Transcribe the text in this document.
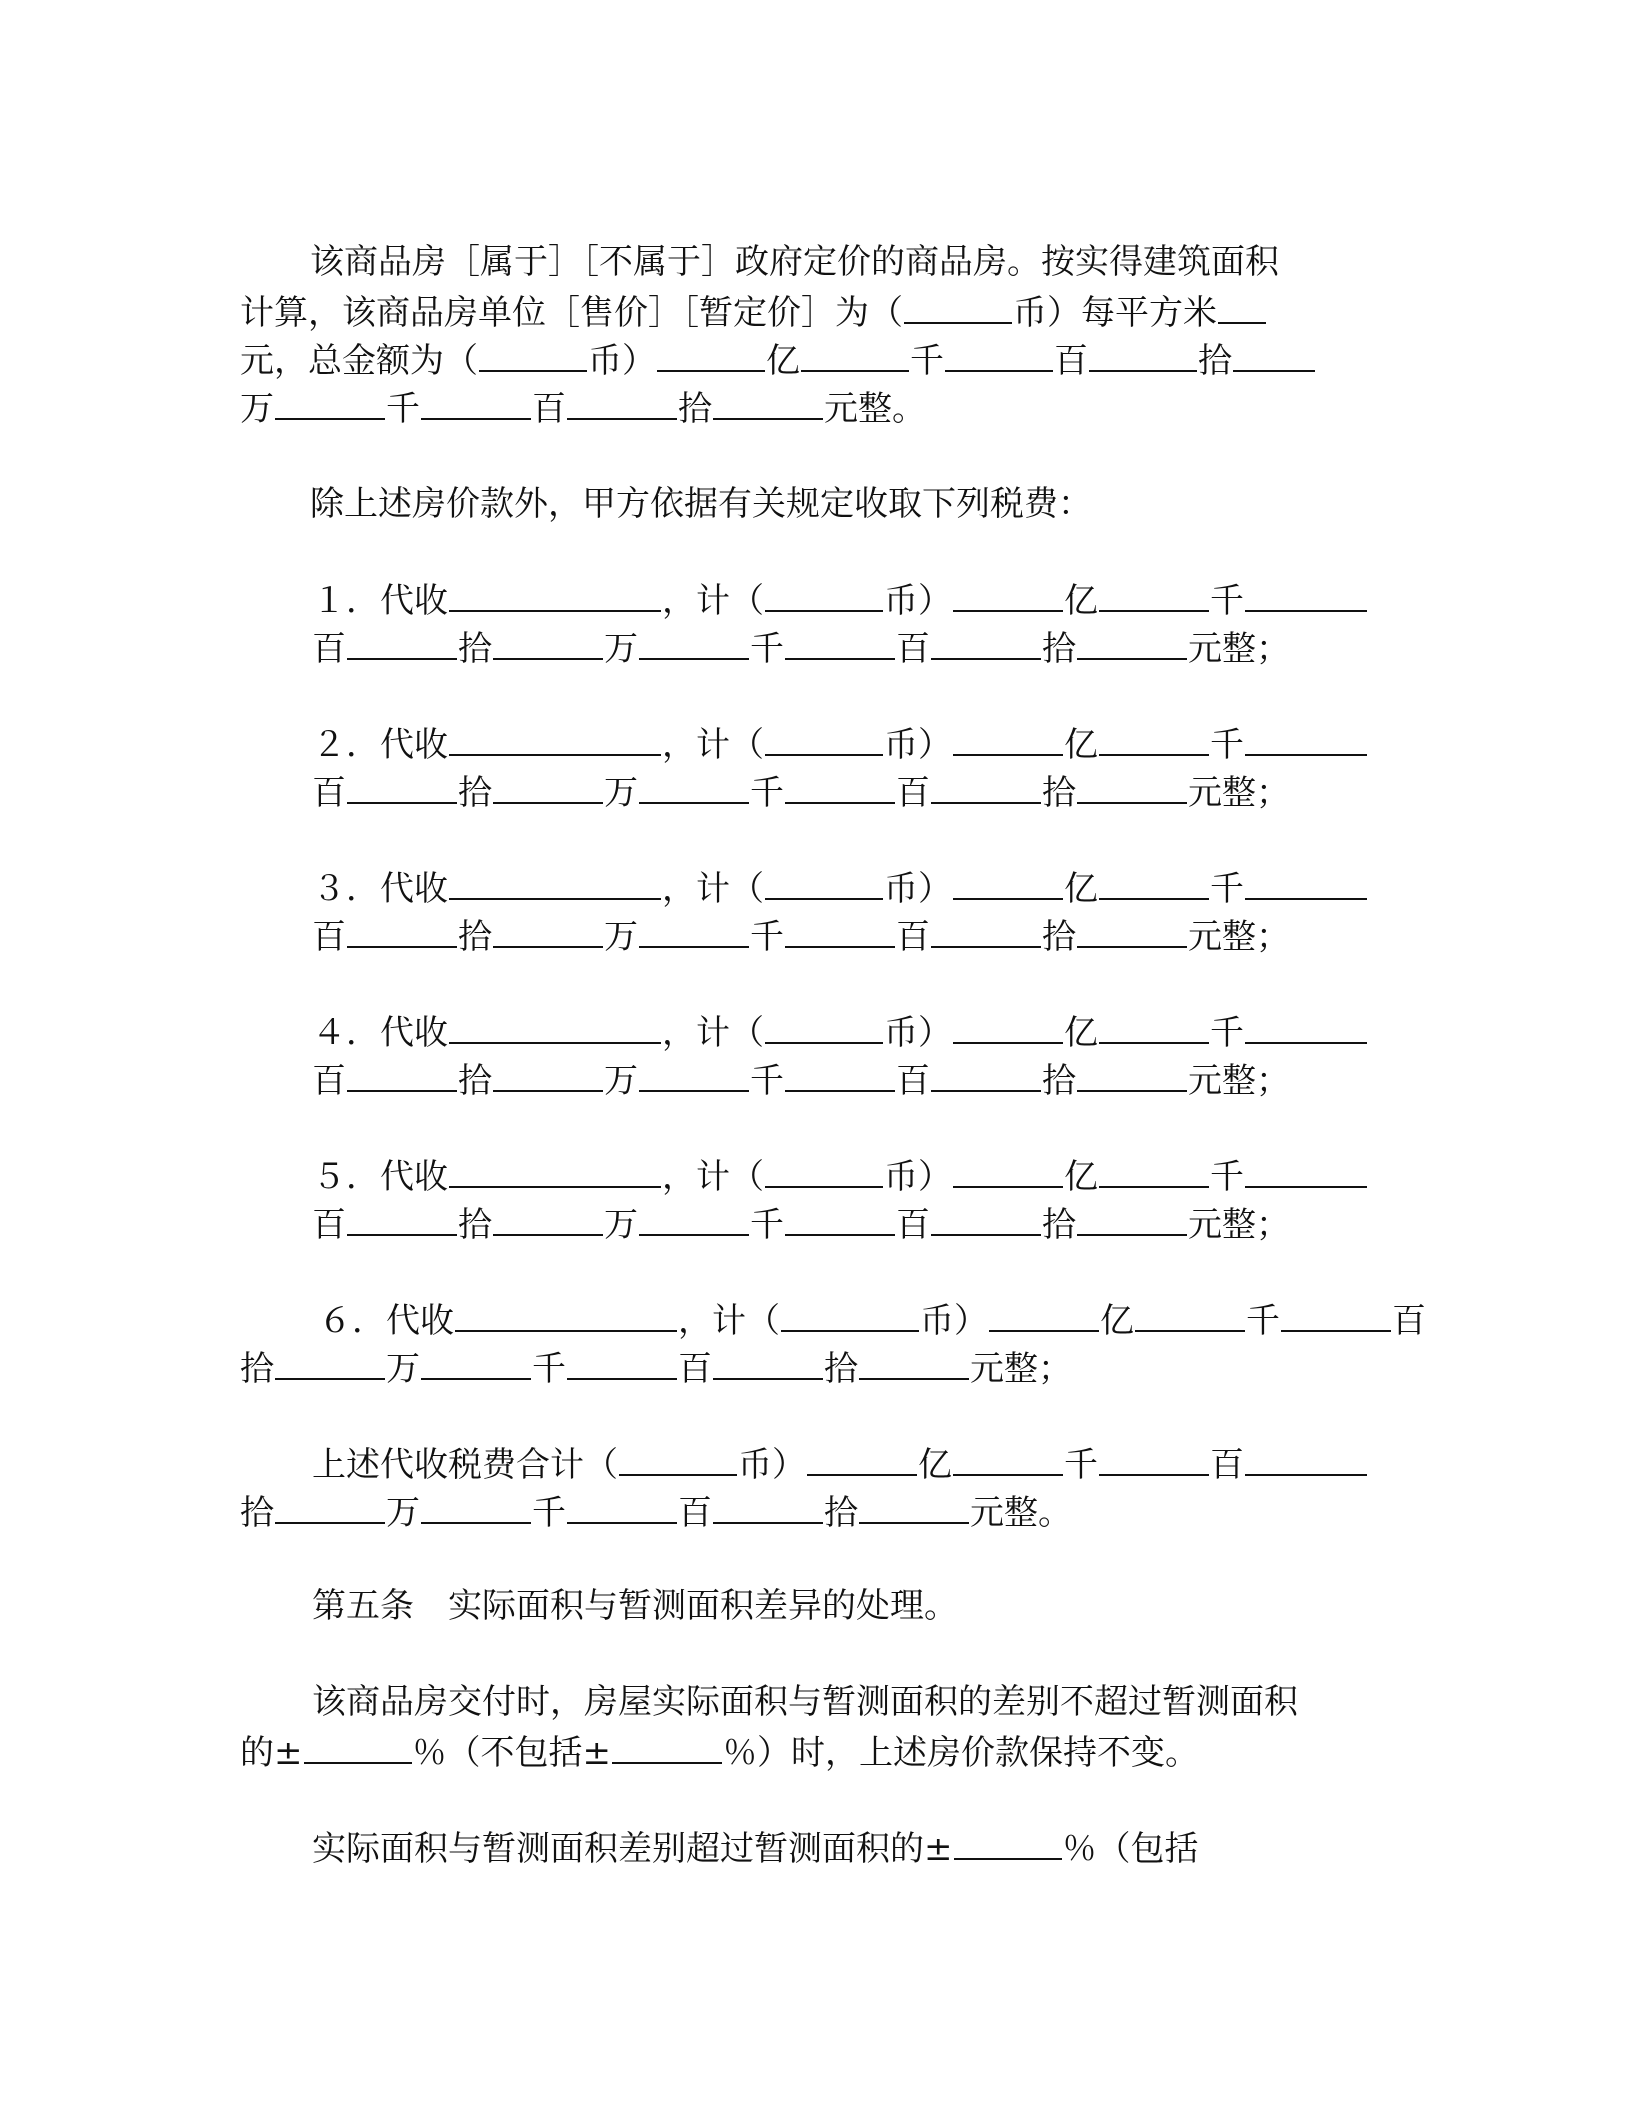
该商品房［属于］［不属于］政府定价的商品房。按实得建筑面积
计算，该商品房单位［售价］［暂定价］为（	币）每平方米
元，总金额为（	币）	亿	千	百	拾
万	千	百	拾	元整。
除上述房价款外，甲方依据有关规定收取下列税费：
１．代收	，计（	币）	亿	千
百	拾	万	千	百	拾	元整；
２．代收	，计（	币）	亿	千
百	拾	万	千	百	拾	元整；
３．代收	，计（	币）	亿	千
百	拾	万	千	百	拾	元整；
４．代收	，计（	币）	亿	千
百	拾	万	千	百	拾	元整；
５．代收	，计（	币）	亿	千
百	拾	万	千	百	拾	元整；
６．代收	，计（	币）	亿	千	百
拾	万	千	百	拾	元整；
上述代收税费合计（	币）	亿	千	百
拾	万	千	百	拾	元整。
第五条　实际面积与暂测面积差异的处理。
该商品房交付时，房屋实际面积与暂测面积的差别不超过暂测面积
的±	％（不包括±	％）时，上述房价款保持不变。
实际面积与暂测面积差别超过暂测面积的±	％（包括
